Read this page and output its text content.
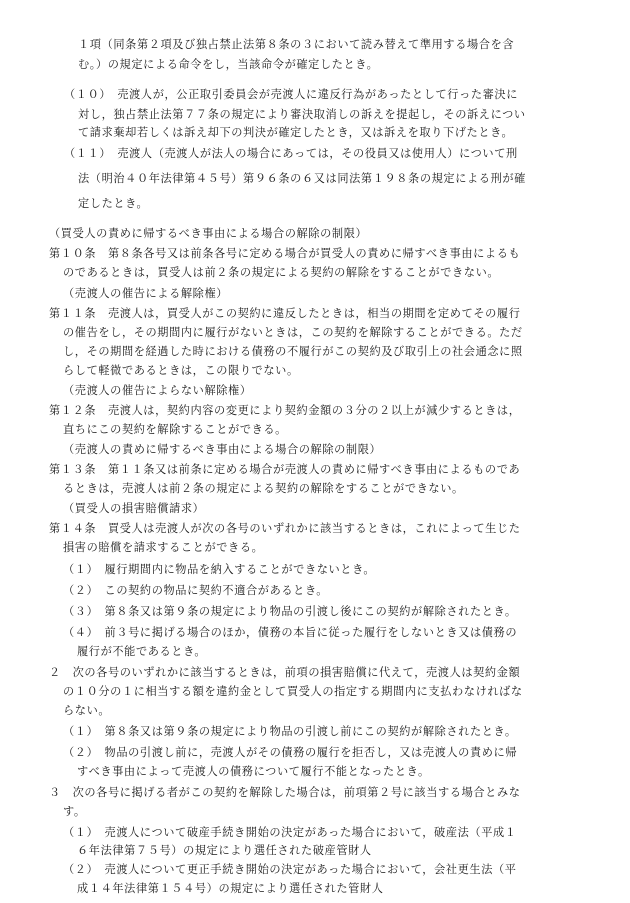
１項（同条第２項及び独占禁止法第８条の３において読み替えて準用する場合を含
む。）の規定による命令をし，当該命令が確定したとき。
（１０）　売渡人が，公正取引委員会が売渡人に違反行為があったとして行った審決に
対し，独占禁止法第７７条の規定により審決取消しの訴えを提起し，その訴えについ
て請求棄却若しくは訴え却下の判決が確定したとき，又は訴えを取り下げたとき。
（１１）　売渡人（売渡人が法人の場合にあっては，その役員又は使用人）について刑
法（明治４０年法律第４５号）第９６条の６又は同法第１９８条の規定による刑が確
定したとき。
（買受人の責めに帰するべき事由による場合の解除の制限）
第１０条　第８条各号又は前条各号に定める場合が買受人の責めに帰すべき事由によるも
のであるときは，買受人は前２条の規定による契約の解除をすることができない。
（売渡人の催告による解除権）
第１１条　売渡人は，買受人がこの契約に違反したときは，相当の期間を定めてその履行
の催告をし，その期間内に履行がないときは，この契約を解除することができる。ただ
し，その期間を経過した時における債務の不履行がこの契約及び取引上の社会通念に照
らして軽微であるときは，この限りでない。
（売渡人の催告によらない解除権）
第１２条　売渡人は，契約内容の変更により契約金額の３分の２以上が減少するときは，
直ちにこの契約を解除することができる。
（売渡人の責めに帰するべき事由による場合の解除の制限）
第１３条　第１１条又は前条に定める場合が売渡人の責めに帰すべき事由によるものであ
るときは，売渡人は前２条の規定による契約の解除をすることができない。
（買受人の損害賠償請求）
第１４条　買受人は売渡人が次の各号のいずれかに該当するときは，これによって生じた
損害の賠償を請求することができる。
（１）　履行期間内に物品を納入することができないとき。
（２）　この契約の物品に契約不適合があるとき。
（３）　第８条又は第９条の規定により物品の引渡し後にこの契約が解除されたとき。
（４）　前３号に掲げる場合のほか，債務の本旨に従った履行をしないとき又は債務の
履行が不能であるとき。
２　次の各号のいずれかに該当するときは，前項の損害賠償に代えて，売渡人は契約金額
の１０分の１に相当する額を違約金として買受人の指定する期間内に支払わなければな
らない。
（１）　第８条又は第９条の規定により物品の引渡し前にこの契約が解除されたとき。
（２）　物品の引渡し前に，売渡人がその債務の履行を拒否し，又は売渡人の責めに帰
すべき事由によって売渡人の債務について履行不能となったとき。
３　次の各号に掲げる者がこの契約を解除した場合は，前項第２号に該当する場合とみな
す。
（１）　売渡人について破産手続き開始の決定があった場合において，破産法（平成１
６年法律第７５号）の規定により選任された破産管財人
（２）　売渡人について更正手続き開始の決定があった場合において，会社更生法（平
成１４年法律第１５４号）の規定により選任された管財人
